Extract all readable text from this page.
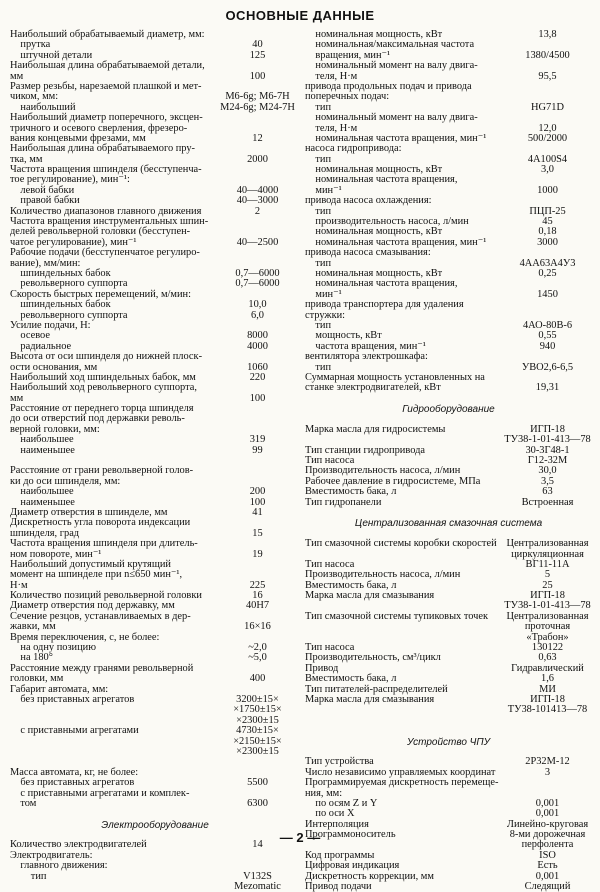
ОСНОВНЫЕ ДАННЫЕ
Наибольший обрабатываемый диаметр, мм:
прутка	40
штучной детали	125
Наибольшая длина обрабатываемой детали,
мм	100
Размер резьбы, нарезаемой плашкой и мет-
чиком, мм:	M6-6g; M6-7H
наибольший	M24-6g; M24-7H
Наибольший диаметр поперечного, эксцен-
тричного и осевого сверления, фрезеро-
вания концевыми фрезами, мм	12
Наибольшая длина обрабатываемого пру-
тка, мм	2000
Частота вращения шпинделя (бесступенча-
тое регулирование), мин⁻¹:
левой бабки	40—4000
правой бабки	40—3000
Количество диапазонов главного движения	2
Частота вращения инструментальных шпин-
делей револьверной головки (бесступен-
чатое регулирование), мин⁻¹	40—2500
Рабочие подачи (бесступенчатое регулиро-
вание), мм/мин:
шпиндельных бабок	0,7—6000
револьверного суппорта	0,7—6000
Скорость быстрых перемещений, м/мин:
шпиндельных бабок	10,0
револьверного суппорта	6,0
Усилие подачи, Н:
осевое	8000
радиальное	4000
Высота от оси шпинделя до нижней плоск-
ости основания, мм	1060
Наибольший ход шпиндельных бабок, мм	220
Наибольший ход револьверного суппорта,
мм	100
Расстояние от переднего торца шпинделя
до оси отверстий под державки револь-
верной головки, мм:
наибольшее	319
наименьшее	99
Расстояние от грани револьверной голов-
ки до оси шпинделя, мм:
наибольшее	200
наименьшее	100
Диаметр отверстия в шпинделе, мм	41
Дискретность угла поворота индексации
шпинделя, град	15
Частота вращения шпинделя при длитель-
ном повороте, мин⁻¹	19
Наибольший допустимый крутящий
момент на шпинделе при n≤650 мин⁻¹,
Н·м	225
Количество позиций револьверной головки	16
Диаметр отверстия под державку, мм	40H7
Сечение резцов, устанавливаемых в дер-
жавки, мм	16×16
Время переключения, с, не более:
на одну позицию	~2,0
на 180°	~5,0
Расстояние между гранями револьверной
головки, мм	400
Габарит автомата, мм:
без приставных агрегатов	3200±15×
×1750±15×
×2300±15
с приставными агрегатами	4730±15×
×2150±15×
×2300±15
Масса автомата, кг, не более:
без приставных агрегатов	5500
с приставными агрегатами и комплек-
том	6300
Электрооборудование
Количество электродвигателей	14
Электродвигатель:
главного движения:
тип	V132S
Mezomatic
номинальная мощность, кВт	13,8
номинальная/максимальная частота
вращения, мин⁻¹	1380/4500
номинальный момент на валу двига-
теля, Н·м	95,5
привода продольных подач и привода
поперечных подач:
тип	HG71D
номинальный момент на валу двига-
теля, Н·м	12,0
номинальная частота вращения, мин⁻¹	500/2000
насоса гидропривода:
тип	4А100S4
номинальная мощность, кВт	3,0
номинальная частота вращения,
мин⁻¹	1000
привода насоса охлаждения:
тип	ПЦП-25
производительность насоса, л/мин	45
номинальная мощность, кВт	0,18
номинальная частота вращения, мин⁻¹	3000
привода насоса смазывания:
тип	4АА63А4У3
номинальная мощность, кВт	0,25
номинальная частота вращения,
мин⁻¹	1450
привода транспортера для удаления
стружки:
тип	4АО-80В-6
мощность, кВт	0,55
частота вращения, мин⁻¹	940
вентилятора электрошкафа:
тип	УВО2,6-6,5
Суммарная мощность установленных на
станке электродвигателей, кВт	19,31
Гидрооборудование
Марка масла для гидросистемы	ИГП-18
ТУ38-1-01-413—78
Тип станции гидропривода	30-3Г48-1
Тип насоса	Г12-32М
Производительность насоса, л/мин	30,0
Рабочее давление в гидросистеме, МПа	3,5
Вместимость бака, л	63
Тип гидропанели	Встроенная
Централизованная смазочная система
Тип смазочной системы коробки скоростей Централизованная
циркуляционная
Тип насоса	ВГ11-11А
Производительность насоса, л/мин	5
Вместимость бака, л	25
Марка масла для смазывания	ИГП-18
ТУ38-1-01-413—78
Тип смазочной системы тупиковых точек	Централизованная
проточная
«Трабон»
Тип насоса	130122
Производительность, см³/цикл	0,63
Привод	Гидравлический
Вместимость бака, л	1,6
Тип питателей-распределителей	МИ
Марка масла для смазывания	ИГП-18
ТУ38-101413—78
Устройство ЧПУ
Тип устройства	2Р32М-12
Число независимо управляемых координат	3
Программируемая дискретность перемеще-
ния, мм:
по осям Z и Y	0,001
по оси X	0,001
Интерполяция	Линейно-круговая
Программоноситель	8-ми дорожечная
перфолента
Код программы	ISO
Цифровая индикация	Есть
Дискретность коррекции, мм	0,001
Привод подачи	Следящий
— 2 —
